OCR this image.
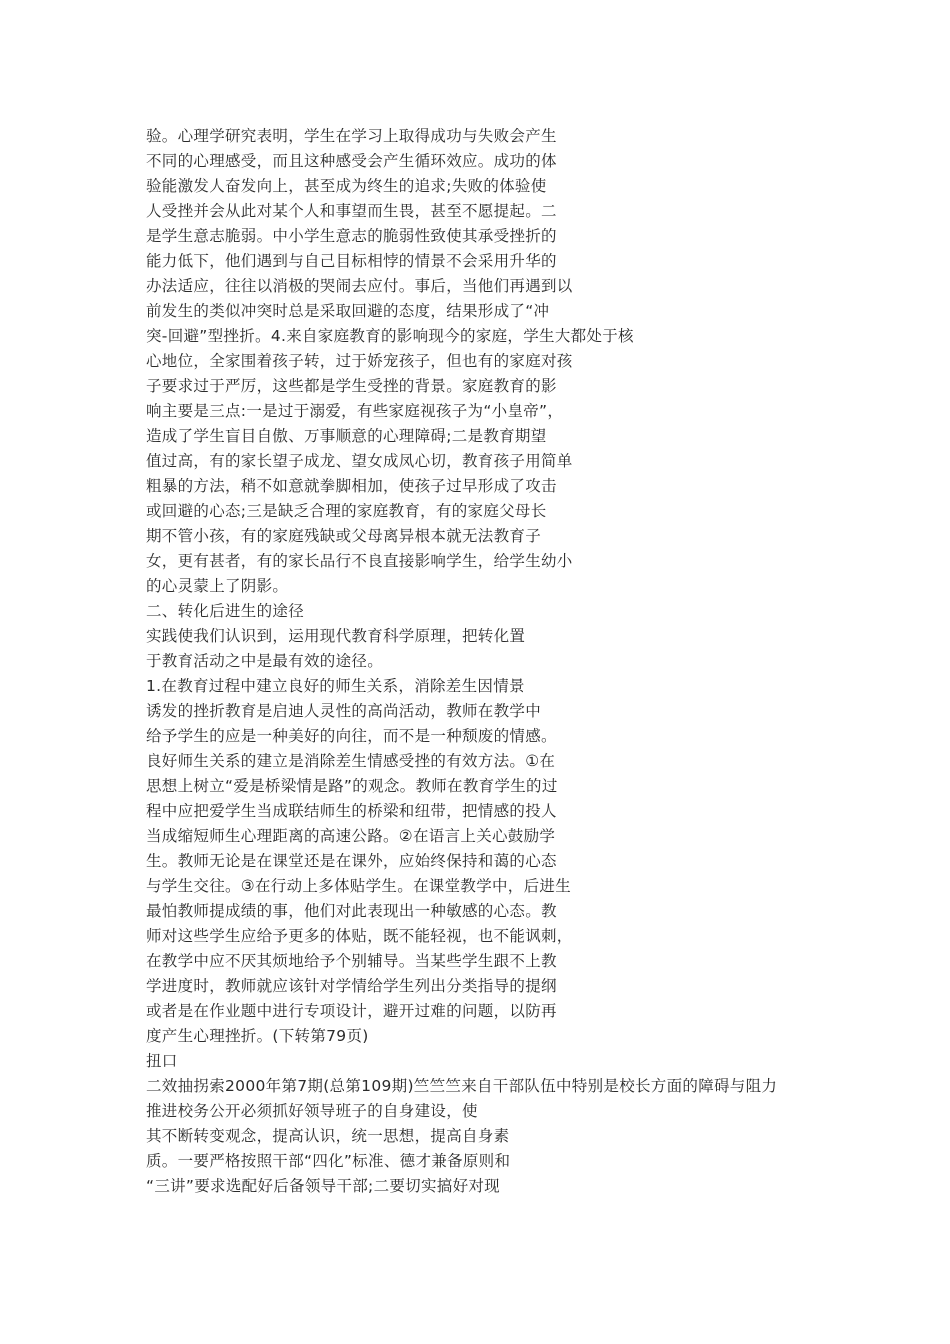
验。心理学研究表明，学生在学习上取得成功与失败会产生
不同的心理感受，而且这种感受会产生循环效应。成功的体
验能激发人奋发向上，甚至成为终生的追求;失败的体验使
人受挫并会从此对某个人和事望而生畏，甚至不愿提起。二
是学生意志脆弱。中小学生意志的脆弱性致使其承受挫折的
能力低下，他们遇到与自己目标相悖的情景不会采用升华的
办法适应，往往以消极的哭闹去应付。事后，当他们再遇到以
前发生的类似冲突时总是采取回避的态度，结果形成了“冲
突-回避”型挫折。4.来自家庭教育的影响现今的家庭，学生大都处于核
心地位，全家围着孩子转，过于娇宠孩子，但也有的家庭对孩
子要求过于严厉，这些都是学生受挫的背景。家庭教育的影
响主要是三点:一是过于溺爱，有些家庭视孩子为“小皇帝”，
造成了学生盲目自傲、万事顺意的心理障碍;二是教育期望
值过高，有的家长望子成龙、望女成凤心切，教育孩子用简单
粗暴的方法，稍不如意就拳脚相加，使孩子过早形成了攻击
或回避的心态;三是缺乏合理的家庭教育，有的家庭父母长
期不管小孩，有的家庭残缺或父母离异根本就无法教育子
女，更有甚者，有的家长品行不良直接影响学生，给学生幼小
的心灵蒙上了阴影。
二、转化后进生的途径
实践使我们认识到，运用现代教育科学原理，把转化置
于教育活动之中是最有效的途径。
1.在教育过程中建立良好的师生关系，消除差生因情景
诱发的挫折教育是启迪人灵性的高尚活动，教师在教学中
给予学生的应是一种美好的向往，而不是一种颓废的情感。
良好师生关系的建立是消除差生情感受挫的有效方法。①在
思想上树立“爱是桥梁情是路”的观念。教师在教育学生的过
程中应把爱学生当成联结师生的桥梁和纽带，把情感的投人
当成缩短师生心理距离的高速公路。②在语言上关心鼓励学
生。教师无论是在课堂还是在课外，应始终保持和蔼的心态
与学生交往。③在行动上多体贴学生。在课堂教学中，后进生
最怕教师提成绩的事，他们对此表现出一种敏感的心态。教
师对这些学生应给予更多的体贴，既不能轻视，也不能讽刺，
在教学中应不厌其烦地给予个别辅导。当某些学生跟不上教
学进度时，教师就应该针对学情给学生列出分类指导的提纲
或者是在作业题中进行专项设计，避开过难的问题，以防再
度产生心理挫折。(下转第79页)
扭口
二效抽拐索2000年第7期(总第109期)竺竺竺来自干部队伍中特别是校长方面的障碍与阻力
推进校务公开必须抓好领导班子的自身建设，使
其不断转变观念，提高认识，统一思想，提高自身素
质。一要严格按照干部“四化”标准、德才兼备原则和
“三讲”要求选配好后备领导干部;二要切实搞好对现
